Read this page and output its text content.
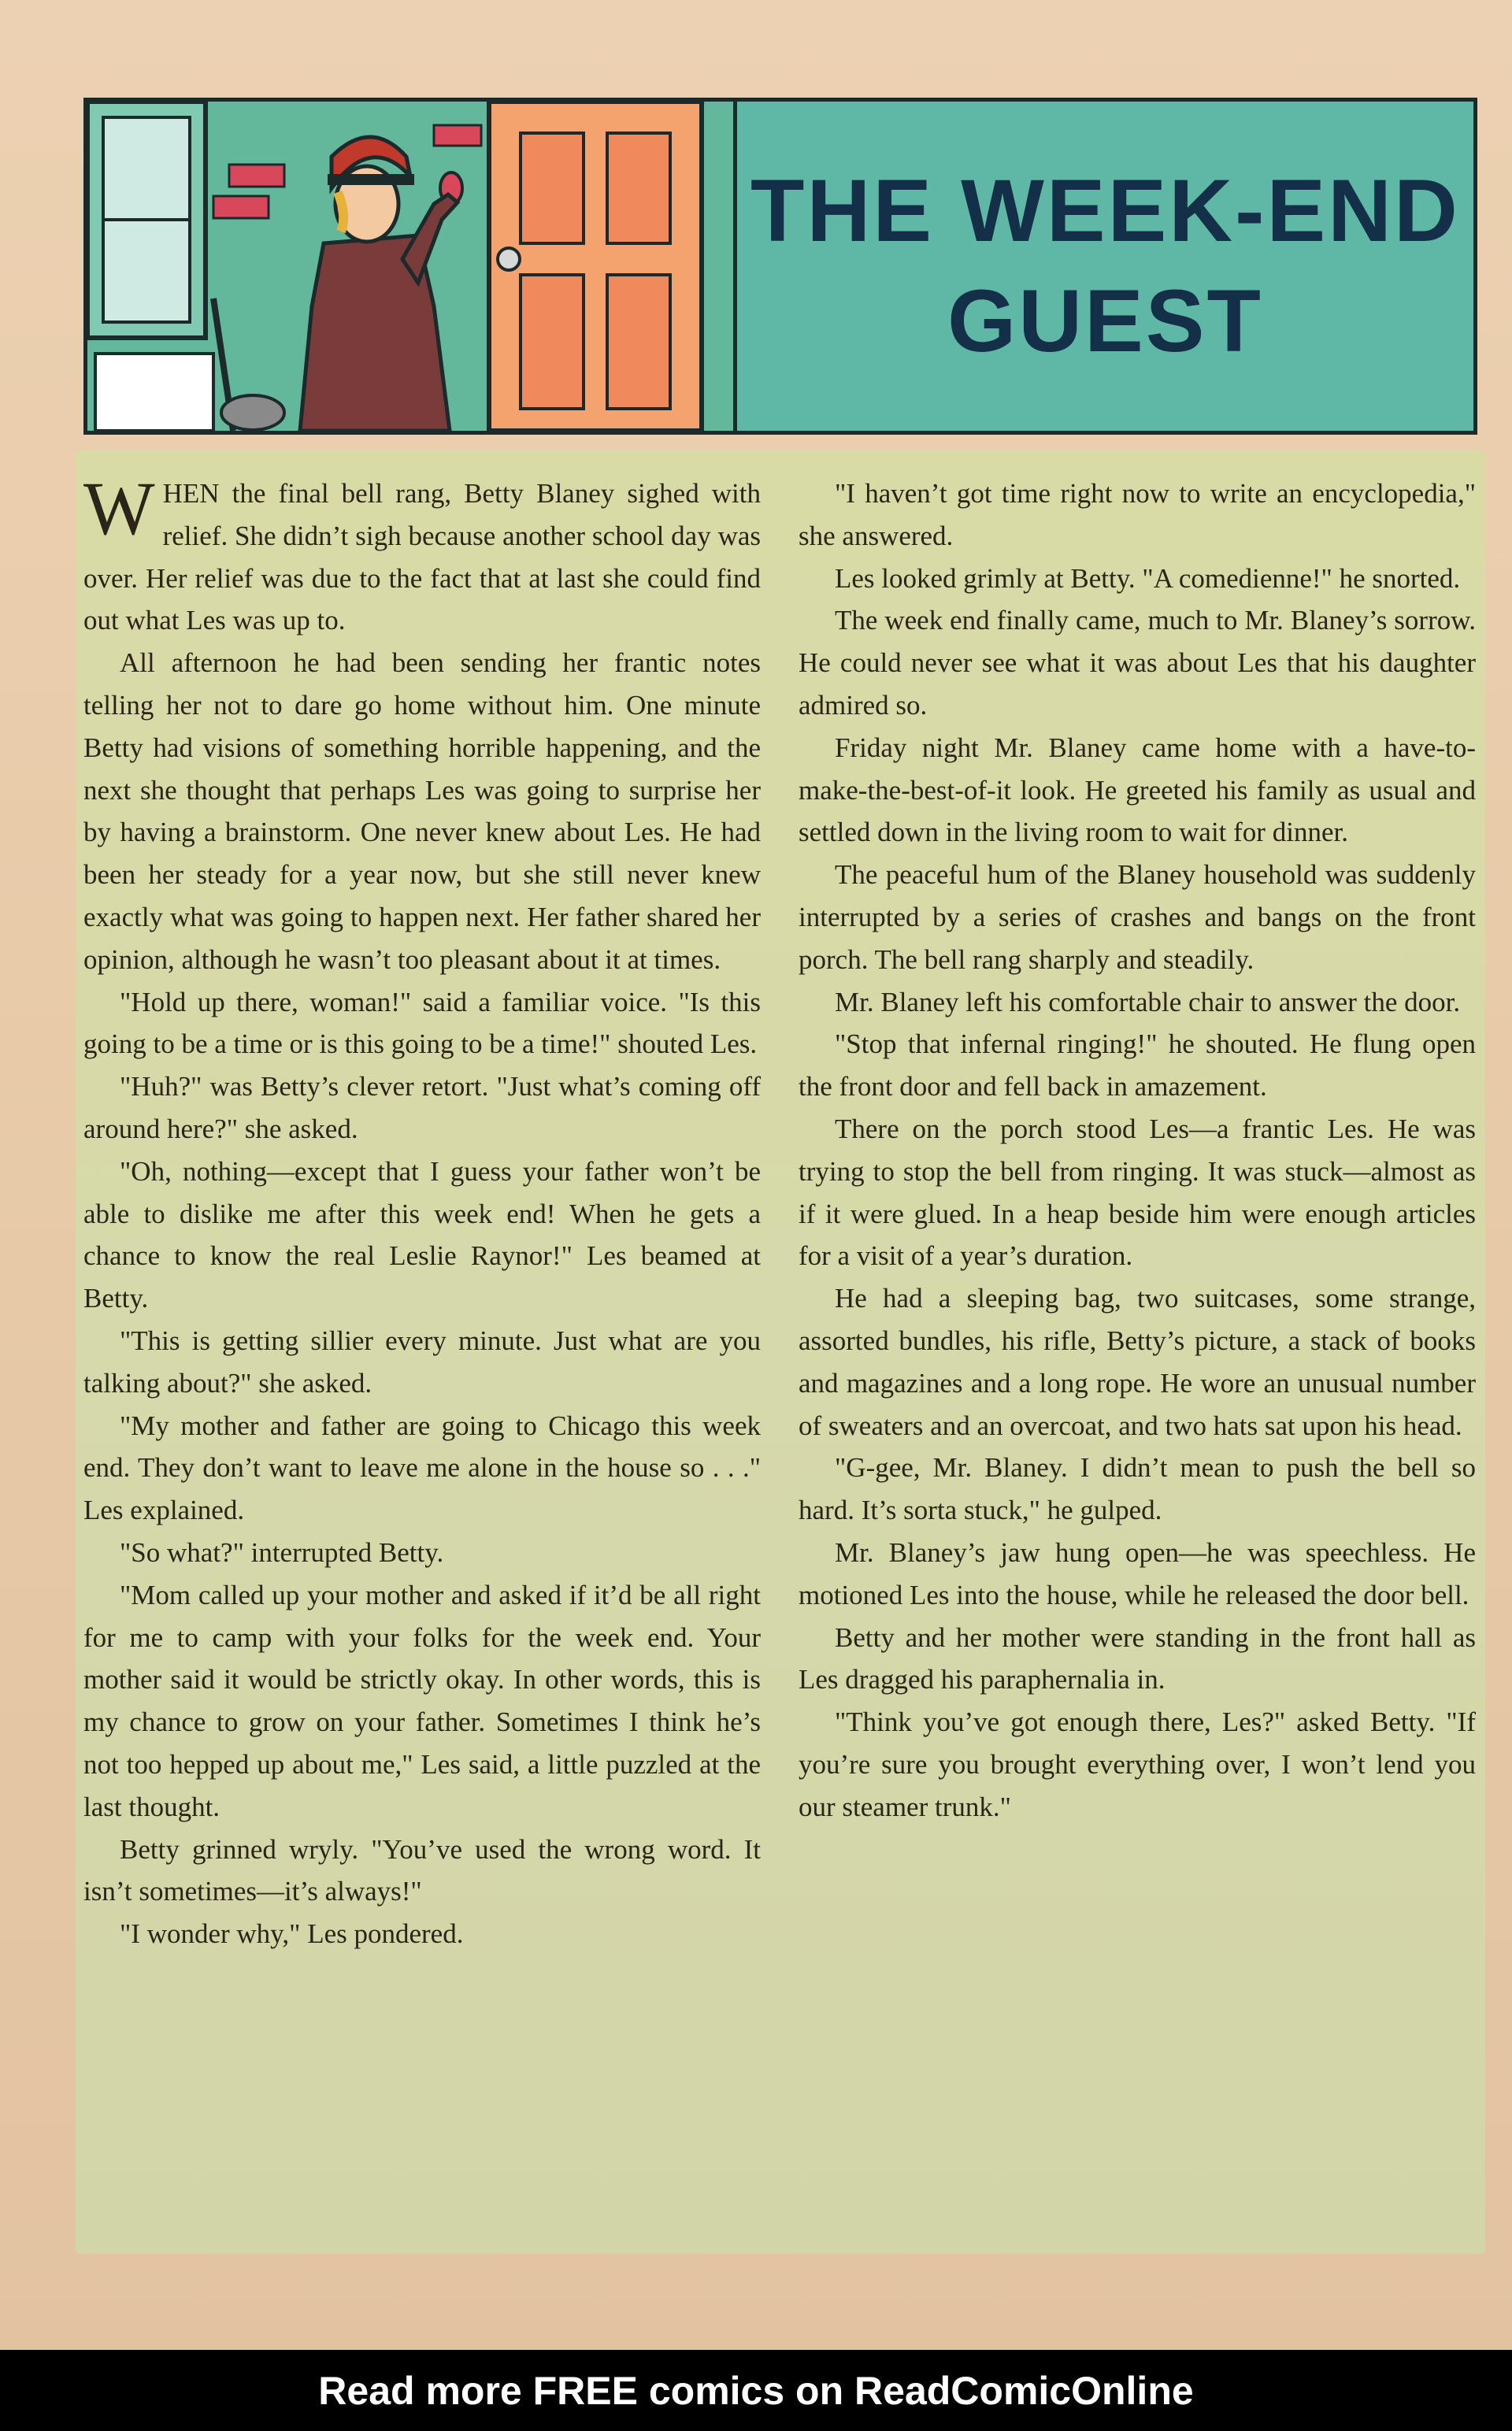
THE WEEK-END
GUEST

WHEN the final bell rang, Betty Blaney sighed with relief. She didn’t sigh because another school day was over. Her relief was due to the fact that at last she could find out what Les was up to.

All afternoon he had been sending her frantic notes telling her not to dare go home without him. One minute Betty had visions of something horrible happening, and the next she thought that perhaps Les was going to surprise her by having a brainstorm. One never knew about Les. He had been her steady for a year now, but she still never knew exactly what was going to happen next. Her father shared her opinion, although he wasn’t too pleasant about it at times.

"Hold up there, woman!" said a familiar voice. "Is this going to be a time or is this going to be a time!" shouted Les.

"Huh?" was Betty’s clever retort. "Just what’s coming off around here?" she asked.

"Oh, nothing—except that I guess your father won’t be able to dislike me after this week end! When he gets a chance to know the real Leslie Raynor!" Les beamed at Betty.

"This is getting sillier every minute. Just what are you talking about?" she asked.

"My mother and father are going to Chicago this week end. They don’t want to leave me alone in the house so . . ." Les explained.

"So what?" interrupted Betty.

"Mom called up your mother and asked if it’d be all right for me to camp with your folks for the week end. Your mother said it would be strictly okay. In other words, this is my chance to grow on your father. Sometimes I think he’s not too hepped up about me," Les said, a little puzzled at the last thought.

Betty grinned wryly. "You’ve used the wrong word. It isn’t sometimes—it’s always!"

"I wonder why," Les pondered.

"I haven’t got time right now to write an encyclopedia," she answered.

Les looked grimly at Betty. "A comedienne!" he snorted.

The week end finally came, much to Mr. Blaney’s sorrow. He could never see what it was about Les that his daughter admired so.

Friday night Mr. Blaney came home with a have-to-make-the-best-of-it look. He greeted his family as usual and settled down in the living room to wait for dinner.

The peaceful hum of the Blaney household was suddenly interrupted by a series of crashes and bangs on the front porch. The bell rang sharply and steadily.

Mr. Blaney left his comfortable chair to answer the door.

"Stop that infernal ringing!" he shouted. He flung open the front door and fell back in amazement.

There on the porch stood Les—a frantic Les. He was trying to stop the bell from ringing. It was stuck—almost as if it were glued. In a heap beside him were enough articles for a visit of a year’s duration.

He had a sleeping bag, two suitcases, some strange, assorted bundles, his rifle, Betty’s picture, a stack of books and magazines and a long rope. He wore an unusual number of sweaters and an overcoat, and two hats sat upon his head.

"G-gee, Mr. Blaney. I didn’t mean to push the bell so hard. It’s sorta stuck," he gulped.

Mr. Blaney’s jaw hung open—he was speechless. He motioned Les into the house, while he released the door bell.

Betty and her mother were standing in the front hall as Les dragged his paraphernalia in.

"Think you’ve got enough there, Les?" asked Betty. "If you’re sure you brought everything over, I won’t lend you our steamer trunk."

Read more FREE comics on ReadComicOnline
